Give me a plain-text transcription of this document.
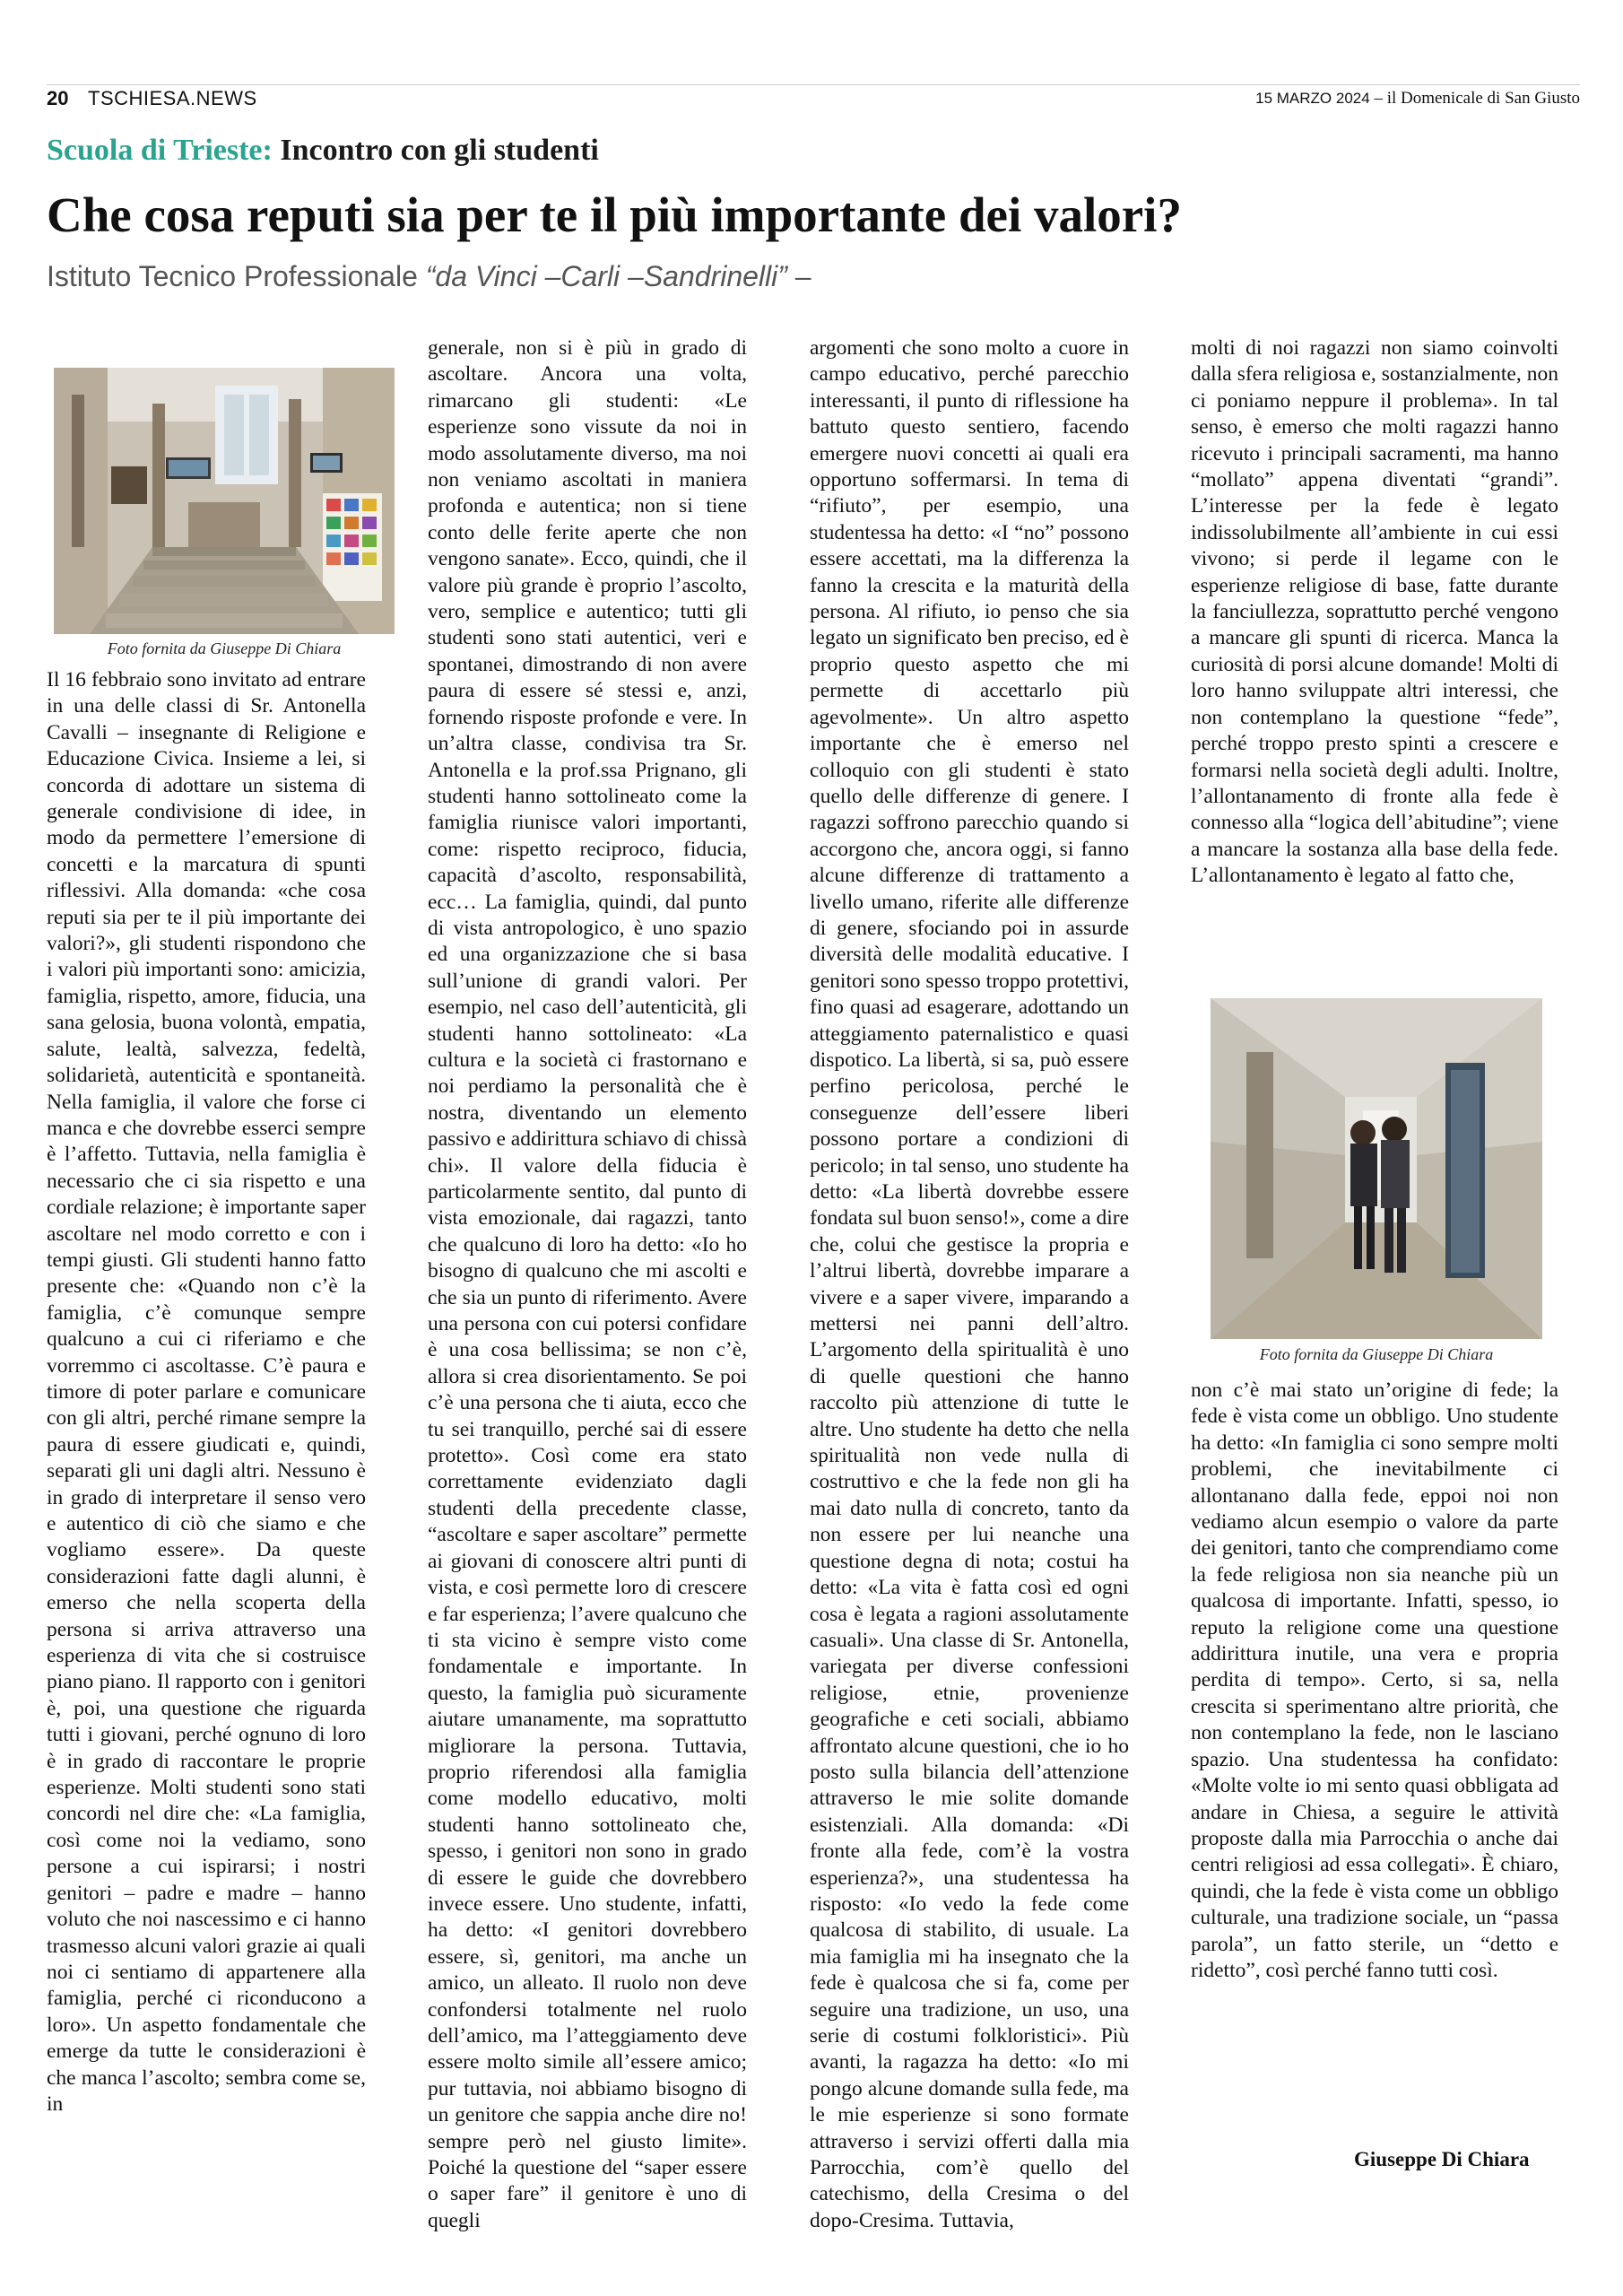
20 TSCHIESA.NEWS	15 MARZO 2024 – il Domenicale di San Giusto
Scuola di Trieste: Incontro con gli studenti
Che cosa reputi sia per te il più importante dei valori?
Istituto Tecnico Professionale “da Vinci –Carli –Sandrinelli” –
Foto fornita da Giuseppe Di Chiara
Foto fornita da Giuseppe Di Chiara

Il 16 febbraio sono invitato ad entrare in una delle classi di Sr. Antonella Cavalli – insegnante di Religione e Educazione Civica. Insieme a lei, si concorda di adottare un sistema di generale condivisione di idee, in modo da permettere l’emersione di concetti e la marcatura di spunti riflessivi. Alla domanda: «che cosa reputi sia per te il più importante dei valori?», gli studenti rispondono che i valori più importanti sono: amicizia, famiglia, rispetto, amore, fiducia, una sana gelosia, buona volontà, empatia, salute, lealtà, salvezza, fedeltà, solidarietà, autenticità e spontaneità. Nella famiglia, il valore che forse ci manca e che dovrebbe esserci sempre è l’affetto. Tuttavia, nella famiglia è necessario che ci sia rispetto e una cordiale relazione; è importante saper ascoltare nel modo corretto e con i tempi giusti. Gli studenti hanno fatto presente che: «Quando non c’è la famiglia, c’è comunque sempre qualcuno a cui ci riferiamo e che vorremmo ci ascoltasse. C’è paura e timore di poter parlare e comunicare con gli altri, perché rimane sempre la paura di essere giudicati e, quindi, separati gli uni dagli altri. Nessuno è in grado di interpretare il senso vero e autentico di ciò che siamo e che vogliamo essere». Da queste considerazioni fatte dagli alunni, è emerso che nella scoperta della persona si arriva attraverso una esperienza di vita che si costruisce piano piano. Il rapporto con i genitori è, poi, una questione che riguarda tutti i giovani, perché ognuno di loro è in grado di raccontare le proprie esperienze. Molti studenti sono stati concordi nel dire che: «La famiglia, così come noi la vediamo, sono persone a cui ispirarsi; i nostri genitori – padre e madre – hanno voluto che noi nascessimo e ci hanno trasmesso alcuni valori grazie ai quali noi ci sentiamo di appartenere alla famiglia, perché ci riconducono a loro». Un aspetto fondamentale che emerge da tutte le considerazioni è che manca l’ascolto; sembra come se, in

generale, non si è più in grado di ascoltare. Ancora una volta, rimarcano gli studenti: «Le esperienze sono vissute da noi in modo assolutamente diverso, ma noi non veniamo ascoltati in maniera profonda e autentica; non si tiene conto delle ferite aperte che non vengono sanate». Ecco, quindi, che il valore più grande è proprio l’ascolto, vero, semplice e autentico; tutti gli studenti sono stati autentici, veri e spontanei, dimostrando di non avere paura di essere sé stessi e, anzi, fornendo risposte profonde e vere. In un’altra classe, condivisa tra Sr. Antonella e la prof.ssa Prignano, gli studenti hanno sottolineato come la famiglia riunisce valori importanti, come: rispetto reciproco, fiducia, capacità d’ascolto, responsabilità, ecc… La famiglia, quindi, dal punto di vista antropologico, è uno spazio ed una organizzazione che si basa sull’unione di grandi valori. Per esempio, nel caso dell’autenticità, gli studenti hanno sottolineato: «La cultura e la società ci frastornano e noi perdiamo la personalità che è nostra, diventando un elemento passivo e addirittura schiavo di chissà chi». Il valore della fiducia è particolarmente sentito, dal punto di vista emozionale, dai ragazzi, tanto che qualcuno di loro ha detto: «Io ho bisogno di qualcuno che mi ascolti e che sia un punto di riferimento. Avere una persona con cui potersi confidare è una cosa bellissima; se non c’è, allora si crea disorientamento. Se poi c’è una persona che ti aiuta, ecco che tu sei tranquillo, perché sai di essere protetto». Così come era stato correttamente evidenziato dagli studenti della precedente classe, “ascoltare e saper ascoltare” permette ai giovani di conoscere altri punti di vista, e così permette loro di crescere e far esperienza; l’avere qualcuno che ti sta vicino è sempre visto come fondamentale e importante. In questo, la famiglia può sicuramente aiutare umanamente, ma soprattutto migliorare la persona. Tuttavia, proprio riferendosi alla famiglia come modello educativo, molti studenti hanno sottolineato che, spesso, i genitori non sono in grado di essere le guide che dovrebbero invece essere. Uno studente, infatti, ha detto: «I genitori dovrebbero essere, sì, genitori, ma anche un amico, un alleato. Il ruolo non deve confondersi totalmente nel ruolo dell’amico, ma l’atteggiamento deve essere molto simile all’essere amico; pur tuttavia, noi abbiamo bisogno di un genitore che sappia anche dire no! sempre però nel giusto limite». Poiché la questione del “saper essere o saper fare” il genitore è uno di quegli

argomenti che sono molto a cuore in campo educativo, perché parecchio interessanti, il punto di riflessione ha battuto questo sentiero, facendo emergere nuovi concetti ai quali era opportuno soffermarsi. In tema di “rifiuto”, per esempio, una studentessa ha detto: «I “no” possono essere accettati, ma la differenza la fanno la crescita e la maturità della persona. Al rifiuto, io penso che sia legato un significato ben preciso, ed è proprio questo aspetto che mi permette di accettarlo più agevolmente». Un altro aspetto importante che è emerso nel colloquio con gli studenti è stato quello delle differenze di genere. I ragazzi soffrono parecchio quando si accorgono che, ancora oggi, si fanno alcune differenze di trattamento a livello umano, riferite alle differenze di genere, sfociando poi in assurde diversità delle modalità educative. I genitori sono spesso troppo protettivi, fino quasi ad esagerare, adottando un atteggiamento paternalistico e quasi dispotico. La libertà, si sa, può essere perfino pericolosa, perché le conseguenze dell’essere liberi possono portare a condizioni di pericolo; in tal senso, uno studente ha detto: «La libertà dovrebbe essere fondata sul buon senso!», come a dire che, colui che gestisce la propria e l’altrui libertà, dovrebbe imparare a vivere e a saper vivere, imparando a mettersi nei panni dell’altro. L’argomento della spiritualità è uno di quelle questioni che hanno raccolto più attenzione di tutte le altre. Uno studente ha detto che nella spiritualità non vede nulla di costruttivo e che la fede non gli ha mai dato nulla di concreto, tanto da non essere per lui neanche una questione degna di nota; costui ha detto: «La vita è fatta così ed ogni cosa è legata a ragioni assolutamente casuali». Una classe di Sr. Antonella, variegata per diverse confessioni religiose, etnie, provenienze geografiche e ceti sociali, abbiamo affrontato alcune questioni, che io ho posto sulla bilancia dell’attenzione attraverso le mie solite domande esistenziali. Alla domanda: «Di fronte alla fede, com’è la vostra esperienza?», una studentessa ha risposto: «Io vedo la fede come qualcosa di stabilito, di usuale. La mia famiglia mi ha insegnato che la fede è qualcosa che si fa, come per seguire una tradizione, un uso, una serie di costumi folkloristici». Più avanti, la ragazza ha detto: «Io mi pongo alcune domande sulla fede, ma le mie esperienze si sono formate attraverso i servizi offerti dalla mia Parrocchia, com’è quello del catechismo, della Cresima o del dopo-Cresima. Tuttavia,

molti di noi ragazzi non siamo coinvolti dalla sfera religiosa e, sostanzialmente, non ci poniamo neppure il problema». In tal senso, è emerso che molti ragazzi hanno ricevuto i principali sacramenti, ma hanno “mollato” appena diventati “grandi”. L’interesse per la fede è legato indissolubilmente all’ambiente in cui essi vivono; si perde il legame con le esperienze religiose di base, fatte durante la fanciullezza, soprattutto perché vengono a mancare gli spunti di ricerca. Manca la curiosità di porsi alcune domande! Molti di loro hanno sviluppate altri interessi, che non contemplano la questione “fede”, perché troppo presto spinti a crescere e formarsi nella società degli adulti. Inoltre, l’allontanamento di fronte alla fede è connesso alla “logica dell’abitudine”; viene a mancare la sostanza alla base della fede. L’allontanamento è legato al fatto che,

non c’è mai stato un’origine di fede; la fede è vista come un obbligo. Uno studente ha detto: «In famiglia ci sono sempre molti problemi, che inevitabilmente ci allontanano dalla fede, eppoi noi non vediamo alcun esempio o valore da parte dei genitori, tanto che comprendiamo come la fede religiosa non sia neanche più un qualcosa di importante. Infatti, spesso, io reputo la religione come una questione addirittura inutile, una vera e propria perdita di tempo». Certo, si sa, nella crescita si sperimentano altre priorità, che non contemplano la fede, non le lasciano spazio. Una studentessa ha confidato: «Molte volte io mi sento quasi obbligata ad andare in Chiesa, a seguire le attività proposte dalla mia Parrocchia o anche dai centri religiosi ad essa collegati». È chiaro, quindi, che la fede è vista come un obbligo culturale, una tradizione sociale, un “passa parola”, un fatto sterile, un “detto e ridetto”, così perché fanno tutti così.

Giuseppe Di Chiara
